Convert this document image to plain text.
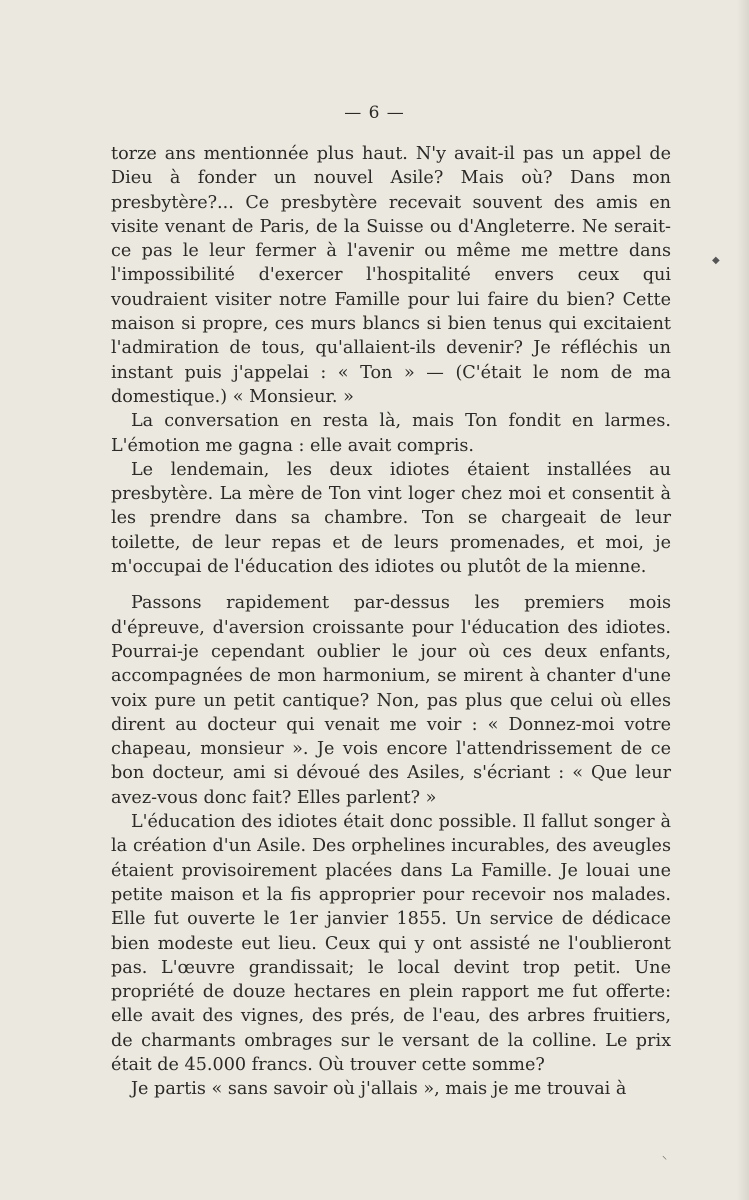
— 6 —

torze ans mentionnée plus haut. N'y avait-il pas un appel de Dieu à fonder un nouvel Asile? Mais où? Dans mon presbytère?... Ce presbytère recevait souvent des amis en visite venant de Paris, de la Suisse ou d'Angleterre. Ne serait-ce pas le leur fermer à l'avenir ou même me mettre dans l'impossibilité d'exercer l'hospitalité envers ceux qui voudraient visiter notre Famille pour lui faire du bien? Cette maison si propre, ces murs blancs si bien tenus qui excitaient l'admiration de tous, qu'allaient-ils devenir? Je réfléchis un instant puis j'appelai : « Ton » — (C'était le nom de ma domestique.) « Monsieur. »

La conversation en resta là, mais Ton fondit en larmes. L'émotion me gagna : elle avait compris.

Le lendemain, les deux idiotes étaient installées au presbytère. La mère de Ton vint loger chez moi et consentit à les prendre dans sa chambre. Ton se chargeait de leur toilette, de leur repas et de leurs promenades, et moi, je m'occupai de l'éducation des idiotes ou plutôt de la mienne.

Passons rapidement par-dessus les premiers mois d'épreuve, d'aversion croissante pour l'éducation des idiotes. Pourrai-je cependant oublier le jour où ces deux enfants, accompagnées de mon harmonium, se mirent à chanter d'une voix pure un petit cantique? Non, pas plus que celui où elles dirent au docteur qui venait me voir : « Donnez-moi votre chapeau, monsieur ». Je vois encore l'attendrissement de ce bon docteur, ami si dévoué des Asiles, s'écriant : « Que leur avez-vous donc fait? Elles parlent? »

L'éducation des idiotes était donc possible. Il fallut songer à la création d'un Asile. Des orphelines incurables, des aveugles étaient provisoirement placées dans La Famille. Je louai une petite maison et la fis approprier pour recevoir nos malades. Elle fut ouverte le 1er janvier 1855. Un service de dédicace bien modeste eut lieu. Ceux qui y ont assisté ne l'oublieront pas. L'œuvre grandissait; le local devint trop petit. Une propriété de douze hectares en plein rapport me fut offerte: elle avait des vignes, des prés, de l'eau, des arbres fruitiers, de charmants ombrages sur le versant de la colline. Le prix était de 45.000 francs. Où trouver cette somme?

Je partis « sans savoir où j'allais », mais je me trouvai à

◆
⸌
